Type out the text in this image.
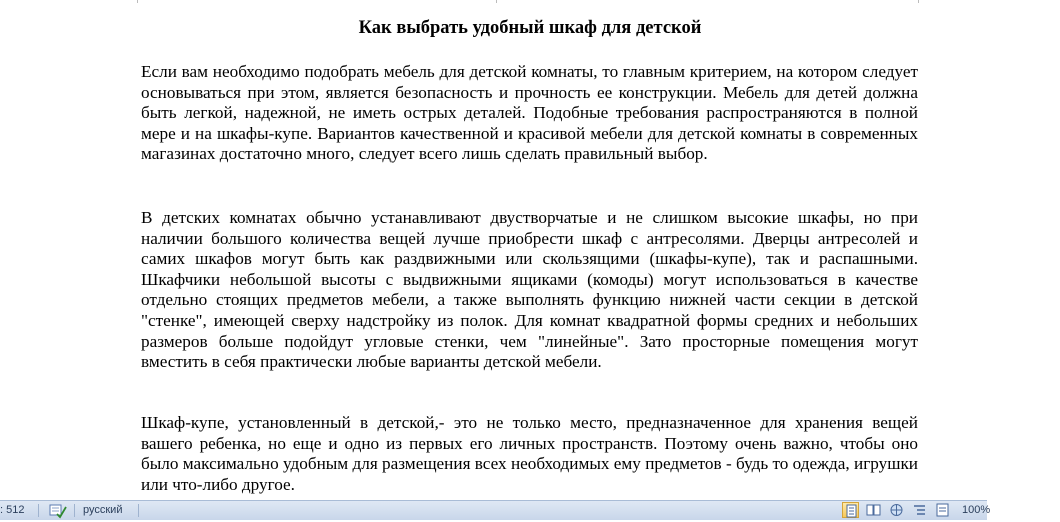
Как выбрать удобный шкаф для детской

Если вам необходимо подобрать мебель для детской комнаты, то главным критерием, на котором следует основываться при этом, является безопасность и прочность ее конструкции. Мебель для детей должна быть легкой, надежной, не иметь острых деталей. Подобные требования распространяются в полной мере и на шкафы-купе. Вариантов качественной и красивой мебели для детской комнаты в современных магазинах достаточно много, следует всего лишь сделать правильный выбор.

В детских комнатах обычно устанавливают двустворчатые и не слишком высокие шкафы, но при наличии большого количества вещей лучше приобрести шкаф с антресолями. Дверцы антресолей и самих шкафов могут быть как раздвижными или скользящими (шкафы-купе), так и распашными. Шкафчики небольшой высоты с выдвижными ящиками (комоды) могут использоваться в качестве отдельно стоящих предметов мебели, а также выполнять функцию нижней части секции в детской "стенке", имеющей сверху надстройку из полок. Для комнат квадратной формы средних и небольших размеров больше подойдут угловые стенки, чем "линейные". Зато просторные помещения могут вместить в себя практически любые варианты детской мебели.

Шкаф-купе, установленный в детской,- это не только место, предназначенное для хранения вещей вашего ребенка, но еще и одно из первых его личных пространств. Поэтому очень важно, чтобы оно было максимально удобным для размещения всех необходимых ему предметов - будь то одежда, игрушки или что-либо другое.

: 512	русский	100%
